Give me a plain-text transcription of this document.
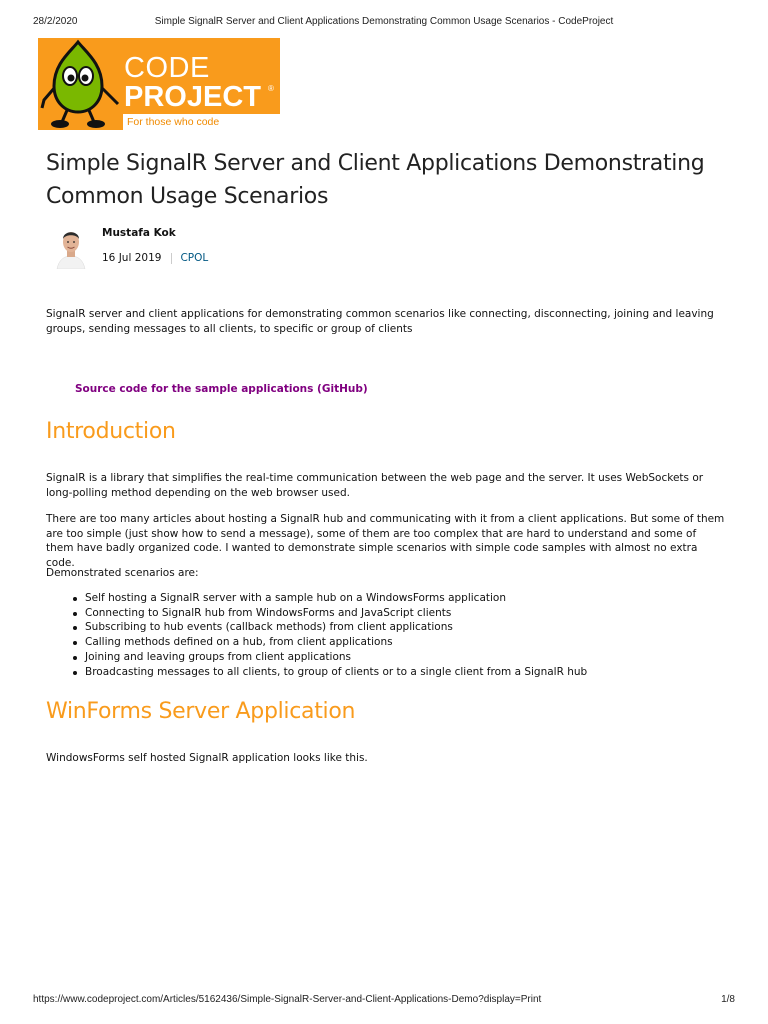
28/2/2020	Simple SignalR Server and Client Applications Demonstrating Common Usage Scenarios - CodeProject
CODE
PROJECT ®
For those who code
Simple SignalR Server and Client Applications Demonstrating Common Usage Scenarios
Mustafa Kok
16 Jul 2019 CPOL

SignalR server and client applications for demonstrating common scenarios like connecting, disconnecting, joining and leaving groups, sending messages to all clients, to specific or group of clients

Source code for the sample applications (GitHub)
Introduction

SignalR is a library that simplifies the real-time communication between the web page and the server. It uses WebSockets or long-polling method depending on the web browser used.

There are too many articles about hosting a SignalR hub and communicating with it from a client applications. But some of them are too simple (just show how to send a message), some of them are too complex that are hard to understand and some of them have badly organized code. I wanted to demonstrate simple scenarios with simple code samples with almost no extra code.

Demonstrated scenarios are:

Self hosting a SignalR server with a sample hub on a WindowsForms application
Connecting to SignalR hub from WindowsForms and JavaScript clients
Subscribing to hub events (callback methods) from client applications
Calling methods defined on a hub, from client applications
Joining and leaving groups from client applications
Broadcasting messages to all clients, to group of clients or to a single client from a SignalR hub
WinForms Server Application

WindowsForms self hosted SignalR application looks like this.

https://www.codeproject.com/Articles/5162436/Simple-SignalR-Server-and-Client-Applications-Demo?display=Print	1/8
